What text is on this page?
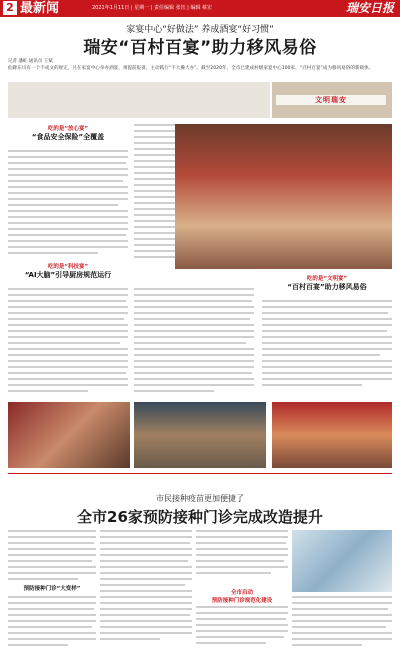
2 最新闻	2021年1月11日 | 星期一 | 责任编辑 张钰 | 编辑 蔡宏	瑞安日报
家宴中心“好做法” 养成酒宴“好习惯”
瑞安“百村百宴”助力移风易俗
记者 潘虹 通讯员 王斌
仙降东川有一个不成文的规定，凡在家宴中心举办酒宴，须提前报备，主动践行“不大操大办”。截至2020年，全市已建成村级家宴中心100家，“百村百宴”成为移风易俗的新载体。
文明瑞安
吃的是“放心宴”
“食品安全保险”全覆盖
吃的是“科技宴”
“AI大脑”引导厨房规范运行	吃的是“文明宴”
“百村百宴”助力移风易俗
市民接种疫苗更加便捷了
全市26家预防接种门诊完成改造提升
预防接种门诊“大变样”
全市启动
预防接种门诊规范化建设
